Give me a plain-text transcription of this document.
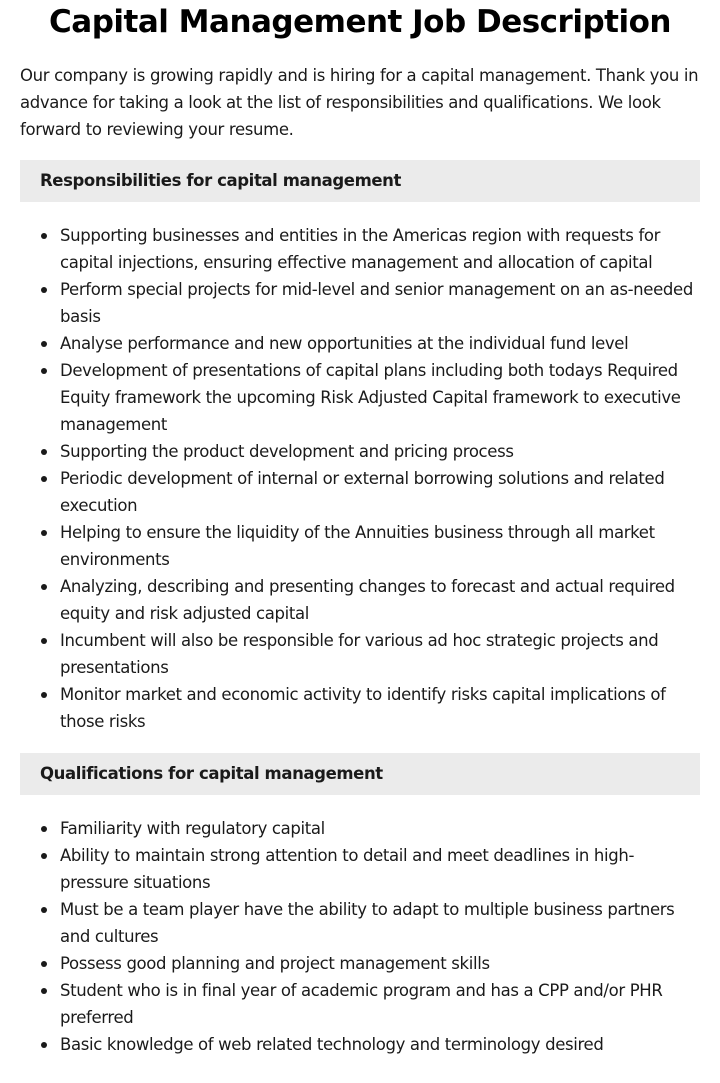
Capital Management Job Description

Our company is growing rapidly and is hiring for a capital management. Thank you in advance for taking a look at the list of responsibilities and qualifications. We look forward to reviewing your resume.

Responsibilities for capital management
Supporting businesses and entities in the Americas region with requests for capital injections, ensuring effective management and allocation of capital
Perform special projects for mid-level and senior management on an as-needed basis
Analyse performance and new opportunities at the individual fund level
Development of presentations of capital plans including both todays Required Equity framework the upcoming Risk Adjusted Capital framework to executive management
Supporting the product development and pricing process
Periodic development of internal or external borrowing solutions and related execution
Helping to ensure the liquidity of the Annuities business through all market environments
Analyzing, describing and presenting changes to forecast and actual required equity and risk adjusted capital
Incumbent will also be responsible for various ad hoc strategic projects and presentations
Monitor market and economic activity to identify risks capital implications of those risks
Qualifications for capital management
Familiarity with regulatory capital
Ability to maintain strong attention to detail and meet deadlines in high-pressure situations
Must be a team player have the ability to adapt to multiple business partners and cultures
Possess good planning and project management skills
Student who is in final year of academic program and has a CPP and/or PHR preferred
Basic knowledge of web related technology and terminology desired
